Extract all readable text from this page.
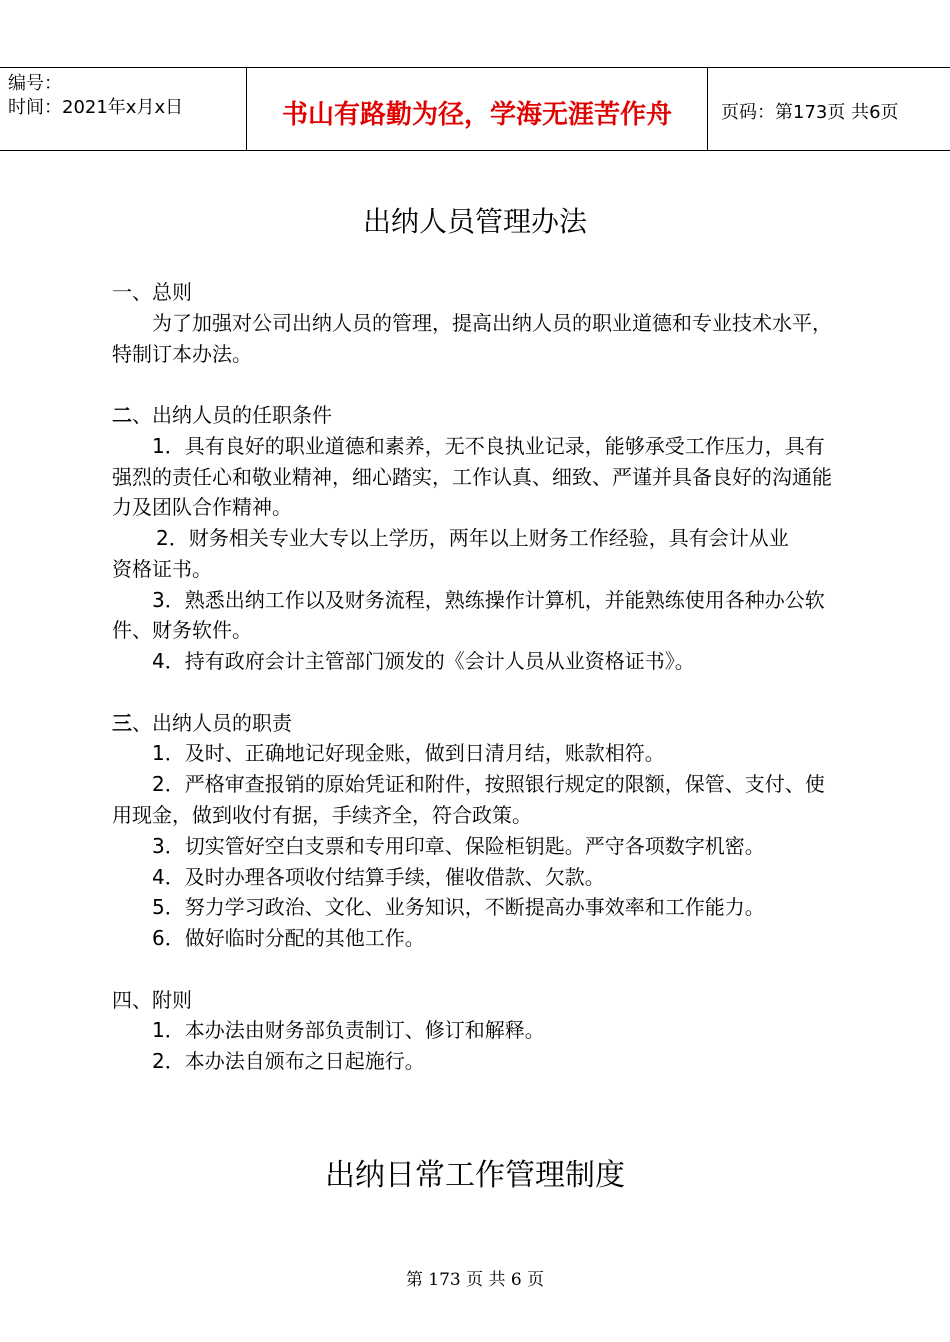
编号：
时间：2021年x月x日	书山有路勤为径，学海无涯苦作舟	页码：第173页 共6页
出纳人员管理办法
一、总则
为了加强对公司出纳人员的管理，提高出纳人员的职业道德和专业技术水平，
特制订本办法。
二、出纳人员的任职条件
1．具有良好的职业道德和素养，无不良执业记录，能够承受工作压力，具有
强烈的责任心和敬业精神，细心踏实，工作认真、细致、严谨并具备良好的沟通能
力及团队合作精神。
2．财务相关专业大专以上学历，两年以上财务工作经验，具有会计从业
资格证书。
3．熟悉出纳工作以及财务流程，熟练操作计算机，并能熟练使用各种办公软
件、财务软件。
4．持有政府会计主管部门颁发的《会计人员从业资格证书》。
三、出纳人员的职责
1．及时、正确地记好现金账，做到日清月结，账款相符。
2．严格审查报销的原始凭证和附件，按照银行规定的限额，保管、支付、使
用现金，做到收付有据，手续齐全，符合政策。
3．切实管好空白支票和专用印章、保险柜钥匙。严守各项数字机密。
4．及时办理各项收付结算手续，催收借款、欠款。
5．努力学习政治、文化、业务知识，不断提高办事效率和工作能力。
6．做好临时分配的其他工作。
四、附则
1．本办法由财务部负责制订、修订和解释。
2．本办法自颁布之日起施行。
出纳日常工作管理制度
第 173 页 共 6 页
